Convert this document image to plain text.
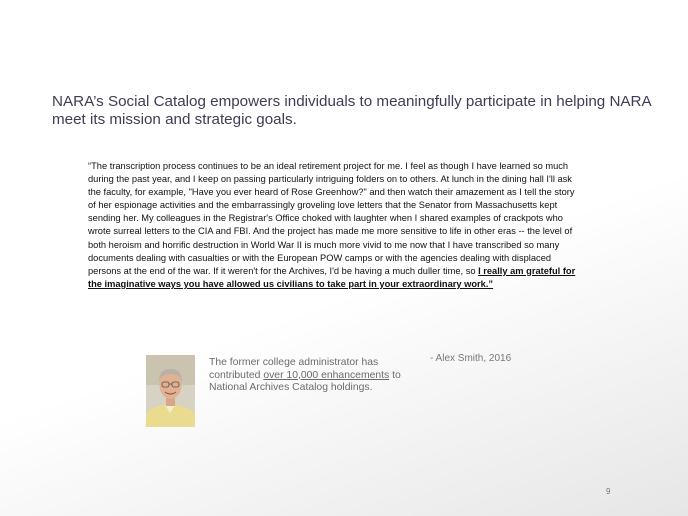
NARA’s Social Catalog empowers individuals to meaningfully participate in helping NARA meet its mission and strategic goals.

“The transcription process continues to be an ideal retirement project for me. I feel as though I have learned so much during the past year, and I keep on passing particularly intriguing folders on to others. At lunch in the dining hall I'll ask the faculty, for example, "Have you ever heard of Rose Greenhow?" and then watch their amazement as I tell the story of her espionage activities and the embarrassingly groveling love letters that the Senator from Massachusetts kept sending her. My colleagues in the Registrar's Office choked with laughter when I shared examples of crackpots who wrote surreal letters to the CIA and FBI. And the project has made me more sensitive to life in other eras -- the level of both heroism and horrific destruction in World War II is much more vivid to me now that I have transcribed so many documents dealing with casualties or with the European POW camps or with the agencies dealing with displaced persons at the end of the war. If it weren't for the Archives, I'd be having a much duller time, so I really am grateful for the imaginative ways you have allowed us civilians to take part in your extraordinary work.”

The former college administrator has contributed over 10,000 enhancements to National Archives Catalog holdings.

- Alex Smith, 2016

9
